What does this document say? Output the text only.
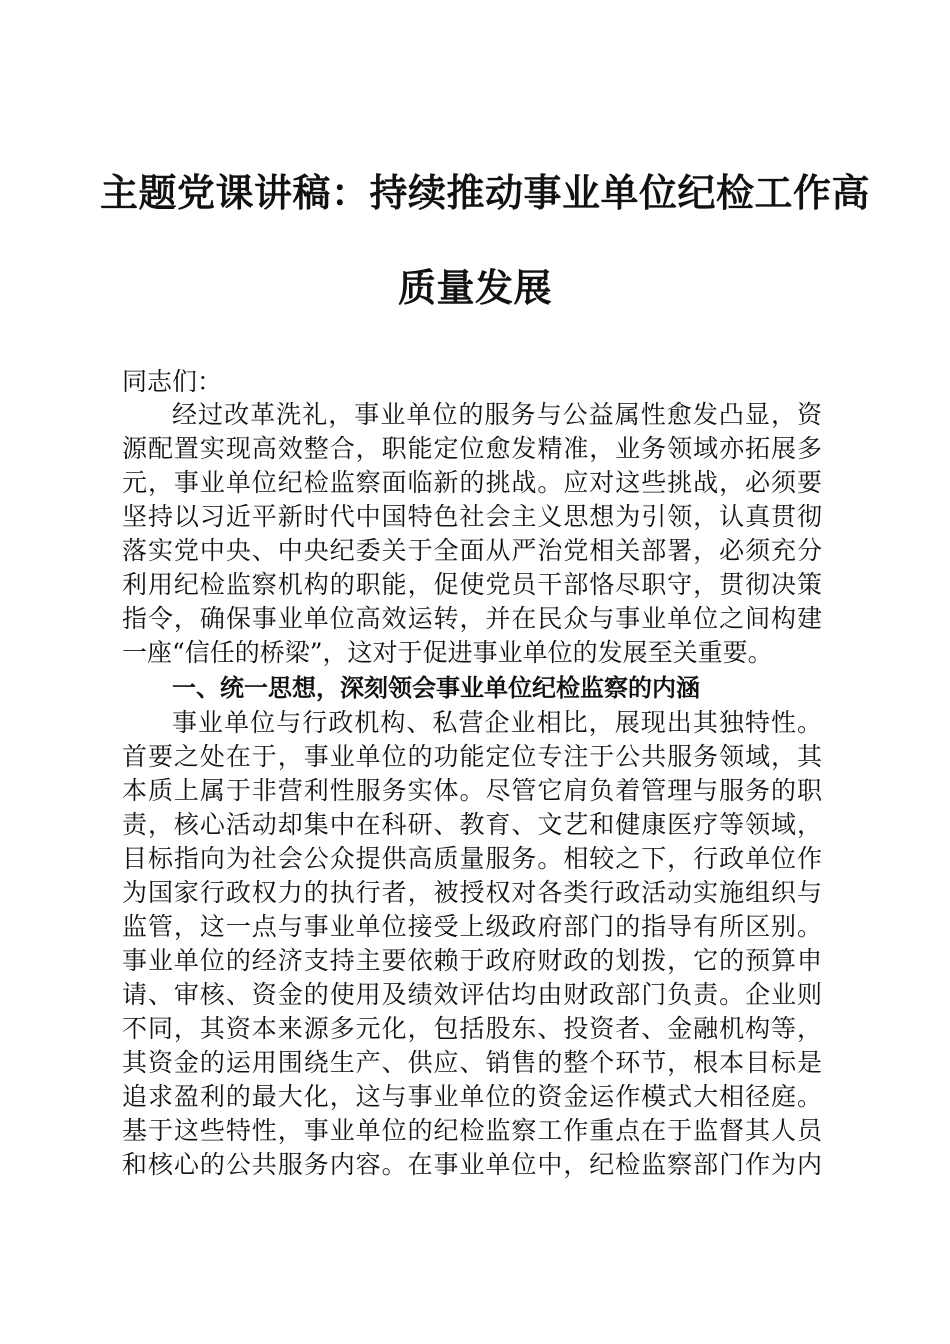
主题党课讲稿：持续推动事业单位纪检工作高
质量发展
同志们：
经过改革洗礼，事业单位的服务与公益属性愈发凸显，资
源配置实现高效整合，职能定位愈发精准，业务领域亦拓展多
元，事业单位纪检监察面临新的挑战。应对这些挑战，必须要
坚持以习近平新时代中国特色社会主义思想为引领，认真贯彻
落实党中央、中央纪委关于全面从严治党相关部署，必须充分
利用纪检监察机构的职能，促使党员干部恪尽职守，贯彻决策
指令，确保事业单位高效运转，并在民众与事业单位之间构建
一座“信任的桥梁”，这对于促进事业单位的发展至关重要。
一、统一思想，深刻领会事业单位纪检监察的内涵
事业单位与行政机构、私营企业相比，展现出其独特性。
首要之处在于，事业单位的功能定位专注于公共服务领域，其
本质上属于非营利性服务实体。尽管它肩负着管理与服务的职
责，核心活动却集中在科研、教育、文艺和健康医疗等领域，
目标指向为社会公众提供高质量服务。相较之下，行政单位作
为国家行政权力的执行者，被授权对各类行政活动实施组织与
监管，这一点与事业单位接受上级政府部门的指导有所区别。
事业单位的经济支持主要依赖于政府财政的划拨，它的预算申
请、审核、资金的使用及绩效评估均由财政部门负责。企业则
不同，其资本来源多元化，包括股东、投资者、金融机构等，
其资金的运用围绕生产、供应、销售的整个环节，根本目标是
追求盈利的最大化，这与事业单位的资金运作模式大相径庭。
基于这些特性，事业单位的纪检监察工作重点在于监督其人员
和核心的公共服务内容。在事业单位中，纪检监察部门作为内
